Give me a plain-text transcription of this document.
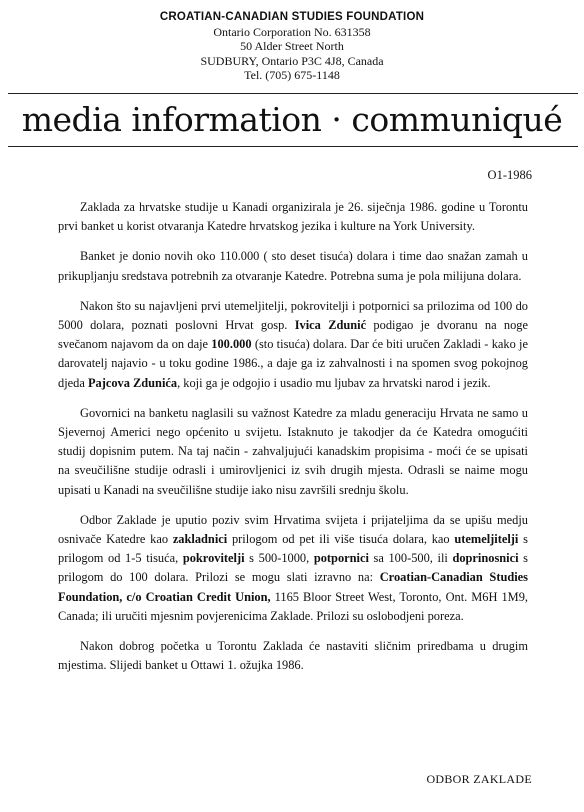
CROATIAN-CANADIAN STUDIES FOUNDATION
Ontario Corporation No. 631358
50 Alder Street North
SUDBURY, Ontario P3C 4J8, Canada
Tel. (705) 675-1148
media information · communiqué
O1-1986

Zaklada za hrvatske studije u Kanadi organizirala je 26. siječnja 1986. godine u Torontu prvi banket u korist otvaranja Katedre hrvatskog jezika i kulture na York University.

Banket je donio novih oko 110.000 ( sto deset tisuća) dolara i time dao snažan zamah u prikupljanju sredstava potrebnih za otvaranje Katedre. Potrebna suma je pola milijuna dolara.

Nakon što su najavljeni prvi utemeljitelji, pokrovitelji i potpornici sa prilozima od 100 do 5000 dolara, poznati poslovni Hrvat gosp. Ivica Zdunić podigao je dvoranu na noge svečanom najavom da on daje 100.000 (sto tisuća) dolara. Dar će biti uručen Zakladi - kako je darovatelj najavio - u toku godine 1986., a daje ga iz zahvalnosti i na spomen svog pokojnog djeda Pajcova Zdunića, koji ga je odgojio i usadio mu ljubav za hrvatski narod i jezik.

Govornici na banketu naglasili su važnost Katedre za mladu generaciju Hrvata ne samo u Sjevernoj Americi nego općenito u svijetu. Istaknuto je takodjer da će Katedra omogućiti studij dopisnim putem. Na taj način - zahvaljujući kanadskim propisima - moći će se upisati na sveučilišne studije odrasli i umirovljenici iz svih drugih mjesta. Odrasli se naime mogu upisati u Kanadi na sveučilišne studije iako nisu završili srednju školu.

Odbor Zaklade je uputio poziv svim Hrvatima svijeta i prijateljima da se upišu medju osnivače Katedre kao zakladnici prilogom od pet ili više tisuća dolara, kao utemeljitelji s prilogom od 1-5 tisuća, pokrovitelji s 500-1000, potpornici sa 100-500, ili doprinosnici s prilogom do 100 dolara. Prilozi se mogu slati izravno na: Croatian-Canadian Studies Foundation, c/o Croatian Credit Union, 1165 Bloor Street West, Toronto, Ont. M6H 1M9, Canada; ili uručiti mjesnim povjerenicima Zaklade. Prilozi su oslobodjeni poreza.

Nakon dobrog početka u Torontu Zaklada će nastaviti sličnim priredbama u drugim mjestima. Slijedi banket u Ottawi 1. ožujka 1986.

ODBOR ZAKLADE
